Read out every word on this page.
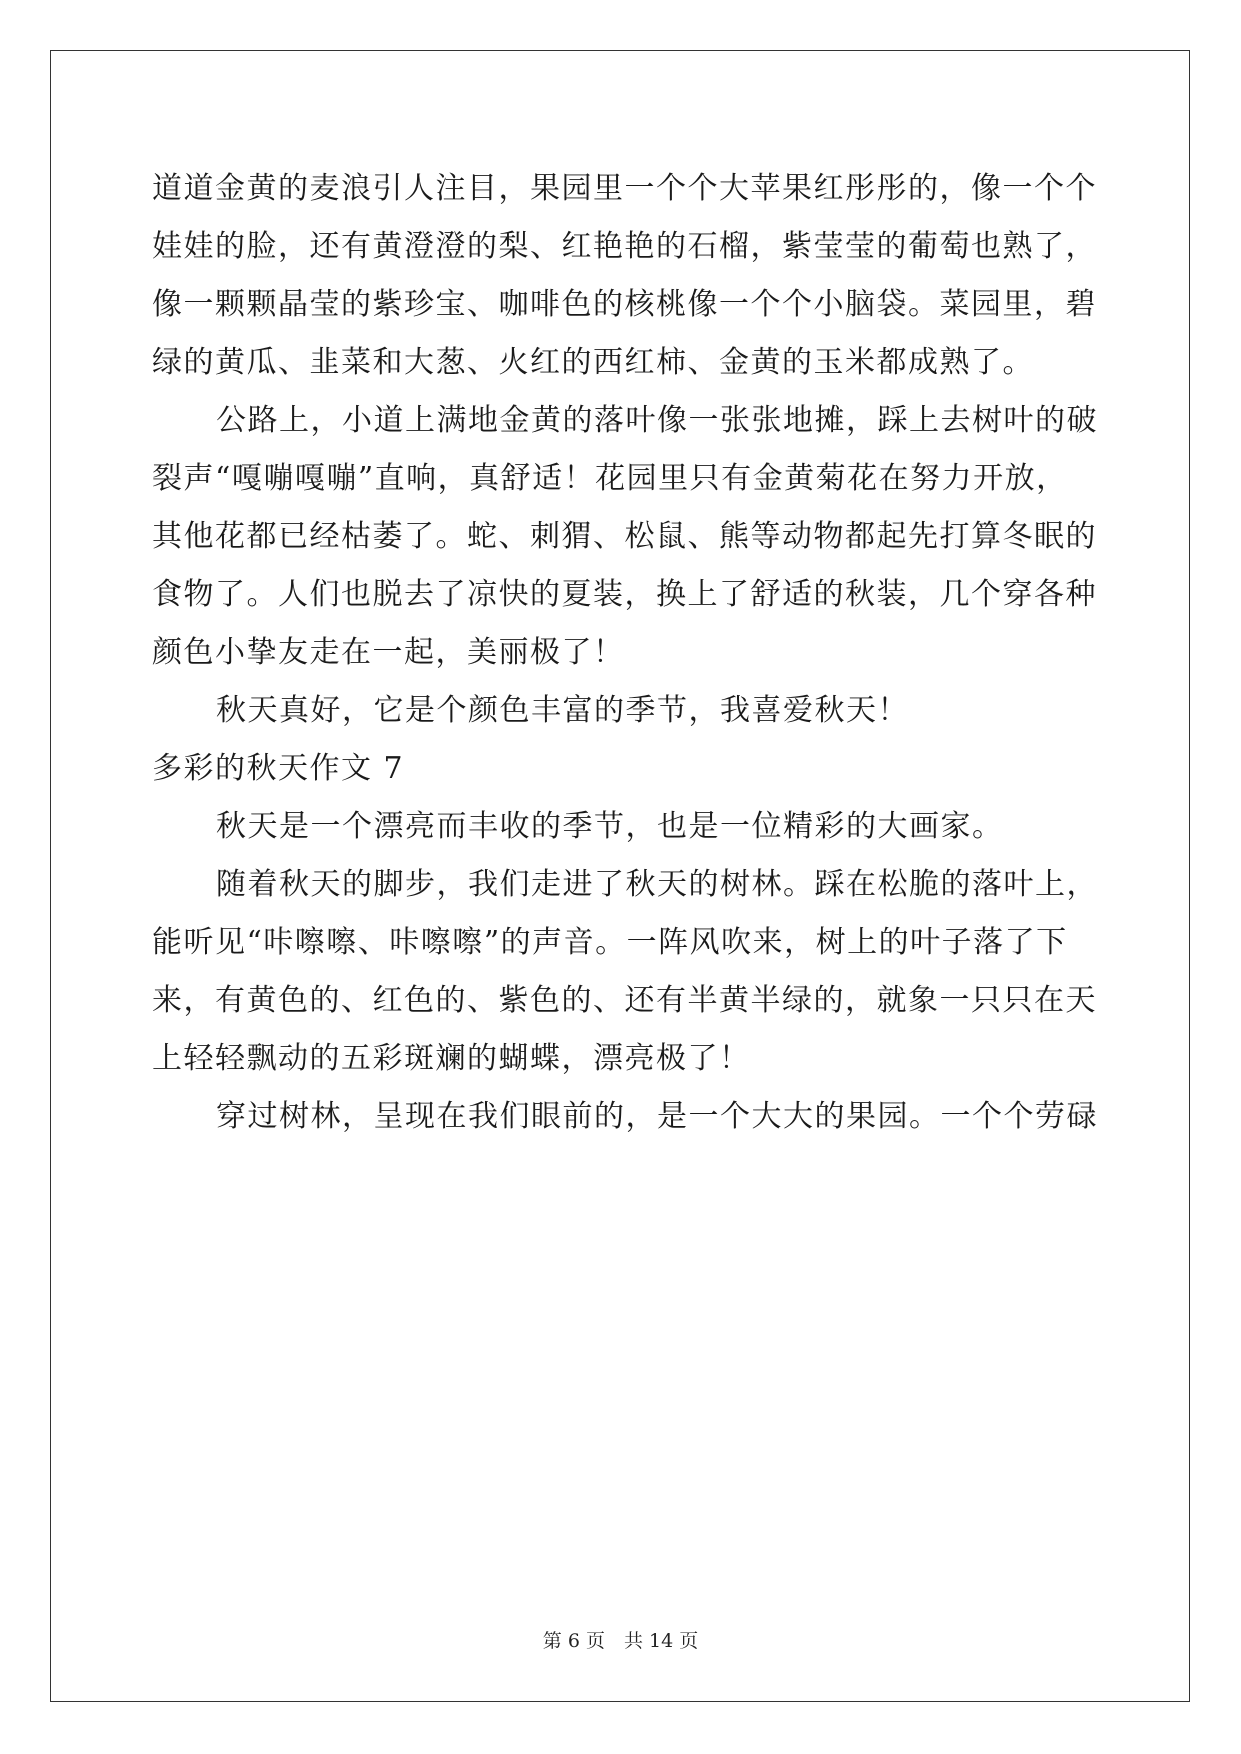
道道金黄的麦浪引人注目，果园里一个个大苹果红彤彤的，像一个个
娃娃的脸，还有黄澄澄的梨、红艳艳的石榴，紫莹莹的葡萄也熟了，
像一颗颗晶莹的紫珍宝、咖啡色的核桃像一个个小脑袋。菜园里，碧
绿的黄瓜、韭菜和大葱、火红的西红柿、金黄的玉米都成熟了。
公路上，小道上满地金黄的落叶像一张张地摊，踩上去树叶的破
裂声“嘎嘣嘎嘣”直响，真舒适！花园里只有金黄菊花在努力开放，
其他花都已经枯萎了。蛇、刺猬、松鼠、熊等动物都起先打算冬眠的
食物了。人们也脱去了凉快的夏装，换上了舒适的秋装，几个穿各种
颜色小挚友走在一起，美丽极了！
秋天真好，它是个颜色丰富的季节，我喜爱秋天！
多彩的秋天作文 7
秋天是一个漂亮而丰收的季节，也是一位精彩的大画家。
随着秋天的脚步，我们走进了秋天的树林。踩在松脆的落叶上，
能听见“咔嚓嚓、咔嚓嚓”的声音。一阵风吹来，树上的叶子落了下
来，有黄色的、红色的、紫色的、还有半黄半绿的，就象一只只在天
上轻轻飘动的五彩斑斓的蝴蝶，漂亮极了！
穿过树林，呈现在我们眼前的，是一个大大的果园。一个个劳碌
第 6 页　共 14 页
